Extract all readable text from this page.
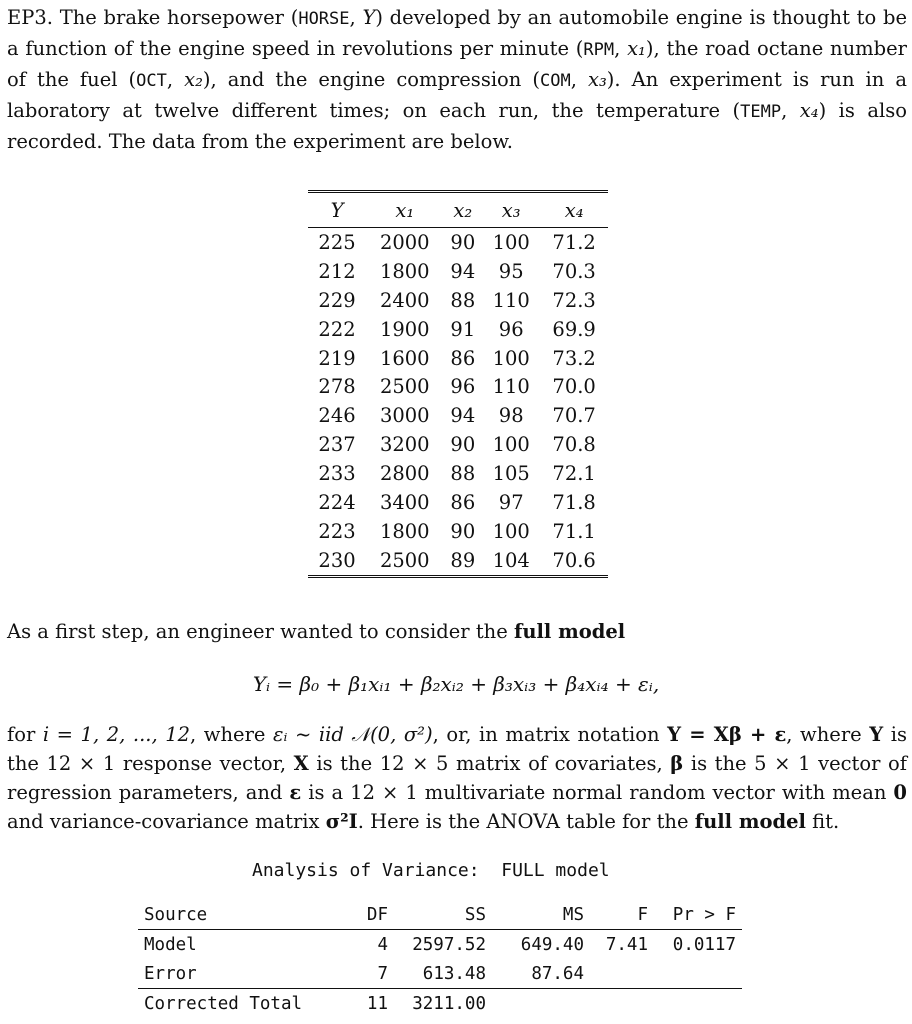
EP3. The brake horsepower (HORSE, Y) developed by an automobile engine is thought to be a function of the engine speed in revolutions per minute (RPM, x₁), the road octane number of the fuel (OCT, x₂), and the engine compression (COM, x₃). An experiment is run in a laboratory at twelve different times; on each run, the temperature (TEMP, x₄) is also recorded. The data from the experiment are below.

Y	x₁	x₂	x₃	x₄
225	2000	90	100	71.2
212	1800	94	95	70.3
229	2400	88	110	72.3
222	1900	91	96	69.9
219	1600	86	100	73.2
278	2500	96	110	70.0
246	3000	94	98	70.7
237	3200	90	100	70.8
233	2800	88	105	72.1
224	3400	86	97	71.8
223	1800	90	100	71.1
230	2500	89	104	70.6

As a first step, an engineer wanted to consider the full model

Yᵢ = β₀ + β₁xᵢ₁ + β₂xᵢ₂ + β₃xᵢ₃ + β₄xᵢ₄ + εᵢ,

for i = 1, 2, ..., 12, where εᵢ ~ iid 𝒩(0, σ²), or, in matrix notation Y = Xβ + ε, where Y is the 12 × 1 response vector, X is the 12 × 5 matrix of covariates, β is the 5 × 1 vector of regression parameters, and ε is a 12 × 1 multivariate normal random vector with mean 0 and variance-covariance matrix σ²I. Here is the ANOVA table for the full model fit.

Analysis of Variance:  FULL model
Source	DF	SS	MS	F	Pr > F
Model	4	2597.52	649.40	7.41	0.0117
Error	7	613.48	87.64		
Corrected Total	11	3211.00			
